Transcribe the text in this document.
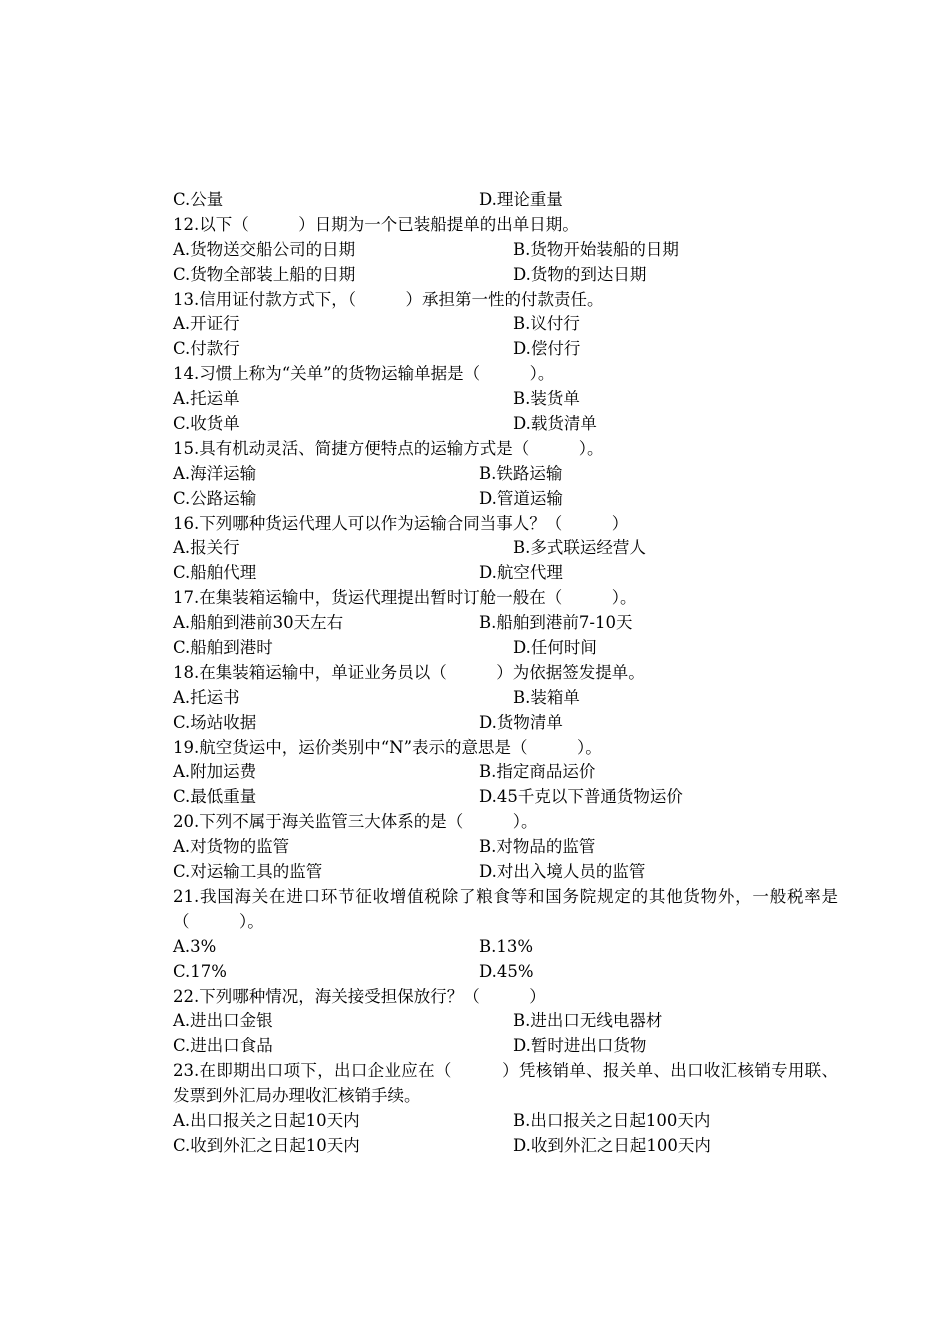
C.公量	D.理论重量
12.以下（　　　）日期为一个已装船提单的出单日期。
A.货物送交船公司的日期	B.货物开始装船的日期
C.货物全部装上船的日期	D.货物的到达日期
13.信用证付款方式下，（　　　）承担第一性的付款责任。
A.开证行	B.议付行
C.付款行	D.偿付行
14.习惯上称为“关单”的货物运输单据是（　　　）。
A.托运单	B.装货单
C.收货单	D.载货清单
15.具有机动灵活、简捷方便特点的运输方式是（　　　）。
A.海洋运输	B.铁路运输
C.公路运输	D.管道运输
16.下列哪种货运代理人可以作为运输合同当事人？（　　　）
A.报关行	B.多式联运经营人
C.船舶代理	D.航空代理
17.在集装箱运输中，货运代理提出暂时订舱一般在（　　　）。
A.船舶到港前30天左右	B.船舶到港前7-10天
C.船舶到港时	D.任何时间
18.在集装箱运输中，单证业务员以（　　　）为依据签发提单。
A.托运书	B.装箱单
C.场站收据	D.货物清单
19.航空货运中，运价类别中“N”表示的意思是（　　　）。
A.附加运费	B.指定商品运价
C.最低重量	D.45千克以下普通货物运价
20.下列不属于海关监管三大体系的是（　　　）。
A.对货物的监管	B.对物品的监管
C.对运输工具的监管	D.对出入境人员的监管
21.我国海关在进口环节征收增值税除了粮食等和国务院规定的其他货物外，一般税率是（　　　）。
A.3%	B.13%
C.17%	D.45%
22.下列哪种情况，海关接受担保放行？（　　　）
A.进出口金银	B.进出口无线电器材
C.进出口食品	D.暂时进出口货物
23.在即期出口项下，出口企业应在（　　　）凭核销单、报关单、出口收汇核销专用联、发票到外汇局办理收汇核销手续。
A.出口报关之日起10天内	B.出口报关之日起100天内
C.收到外汇之日起10天内	D.收到外汇之日起100天内
